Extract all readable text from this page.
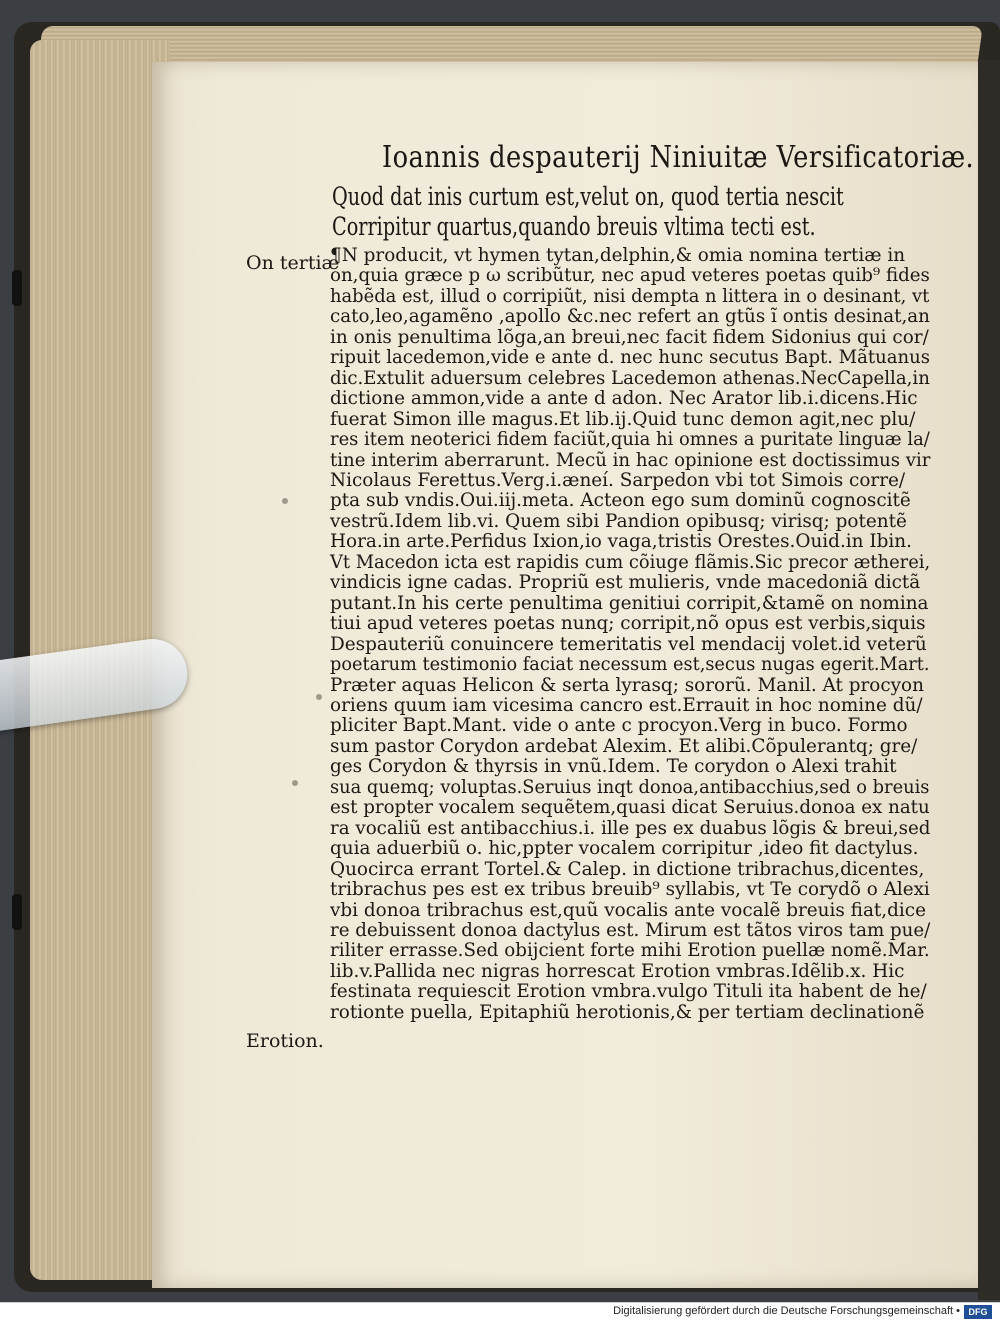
Ioannis despauterij Niniuitæ Versificatoriæ.
Quod dat inis curtum est,velut on, quod tertia nescit
Corripitur quartus,quando breuis vltima tecti est.
On tertiæ
Erotion.
¶N producit, vt hymen tytan,delphin,& omia nomina tertiæ in
on,quia græce p ω scribũtur, nec apud veteres poetas quib⁹ fides
habẽda est, illud o corripiũt, nisi dempta n littera in o desinant, vt
cato,leo,agamẽno ,apollo &c.nec refert an gtũs ĩ ontis desinat,an
in onis penultima lõga,an breui,nec facit fidem Sidonius qui cor/
ripuit lacedemon,vide e ante d. nec hunc secutus Bapt. Mãtuanus
dic.Extulit aduersum celebres Lacedemon athenas.NecCapella,in
dictione ammon,vide a ante d adon. Nec Arator lib.i.dicens.Hic
fuerat Simon ille magus.Et lib.ij.Quid tunc demon agit,nec plu/
res item neoterici fidem faciũt,quia hi omnes a puritate linguæ la/
tine interim aberrarunt. Mecũ in hac opinione est doctissimus vir
Nicolaus Ferettus.Verg.i.æneí. Sarpedon vbi tot Simois corre/
pta sub vndis.Oui.iij.meta. Acteon ego sum dominũ cognoscitẽ
vestrũ.Idem lib.vi. Quem sibi Pandion opibusq; virisq; potentẽ
Hora.in arte.Perfidus Ixion,io vaga,tristis Orestes.Ouid.in Ibin.
Vt Macedon icta est rapidis cum cõiuge flãmis.Sic precor ætherei,
vindicis igne cadas. Propriũ est mulieris, vnde macedoniã dictã
putant.In his certe penultima genitiui corripit,&tamẽ on nomina
tiui apud veteres poetas nunq; corripit,nõ opus est verbis,siquis
Despauteriũ conuincere temeritatis vel mendacij volet.id veterũ
poetarum testimonio faciat necessum est,secus nugas egerit.Mart.
Præter aquas Helicon & serta lyrasq; sororũ. Manil. At procyon
oriens quum iam vicesima cancro est.Errauit in hoc nomine dũ/
pliciter Bapt.Mant. vide o ante c procyon.Verg in buco. Formo
sum pastor Corydon ardebat Alexim. Et alibi.Cõpulerantq; gre/
ges Corydon & thyrsis in vnũ.Idem. Te corydon o Alexi trahit
sua quemq; voluptas.Seruius inqt donoa,antibacchius,sed o breuis
est propter vocalem sequẽtem,quasi dicat Seruius.donoa ex natu
ra vocaliũ est antibacchius.i. ille pes ex duabus lõgis & breui,sed
quia aduerbiũ o. hic,ppter vocalem corripitur ,ideo fit dactylus.
Quocirca errant Tortel.& Calep. in dictione tribrachus,dicentes,
tribrachus pes est ex tribus breuib⁹ syllabis, vt Te corydõ o Alexi
vbi donoa tribrachus est,quũ vocalis ante vocalẽ breuis fiat,dice
re debuissent donoa dactylus est. Mirum est tãtos viros tam pue/
riliter errasse.Sed obijcient forte mihi Erotion puellæ nomẽ.Mar.
lib.v.Pallida nec nigras horrescat Erotion vmbras.Idẽlib.x. Hic
festinata requiescit Erotion vmbra.vulgo Tituli ita habent de he/
rotionte puella, Epitaphiũ herotionis,& per tertiam declinationẽ
Digitalisierung gefördert durch die Deutsche Forschungsgemeinschaft • DFG
